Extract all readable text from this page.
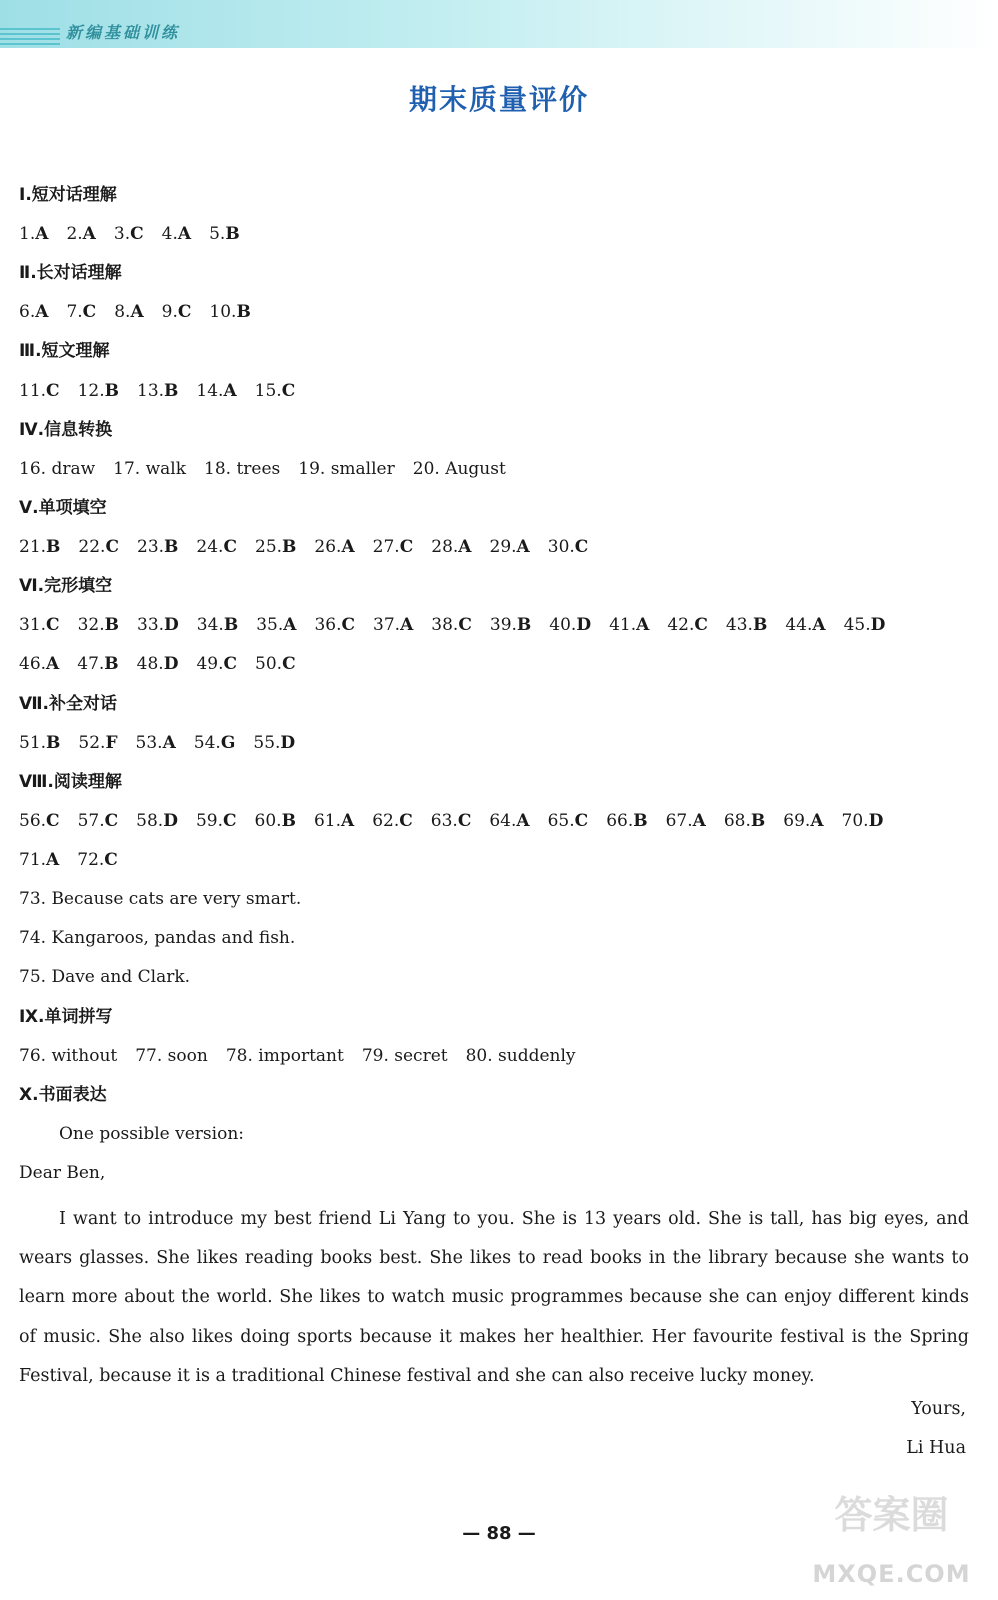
新编基础训练
期末质量评价
Ⅰ.短对话理解
1.A 2.A 3.C 4.A 5.B
Ⅱ.长对话理解
6.A 7.C 8.A 9.C 10.B
Ⅲ.短文理解
11.C 12.B 13.B 14.A 15.C
Ⅳ.信息转换
16. draw 17. walk 18. trees 19. smaller 20. August
Ⅴ.单项填空
21.B 22.C 23.B 24.C 25.B 26.A 27.C 28.A 29.A 30.C
Ⅵ.完形填空
31.C 32.B 33.D 34.B 35.A 36.C 37.A 38.C 39.B 40.D 41.A 42.C 43.B 44.A 45.D
46.A 47.B 48.D 49.C 50.C
Ⅶ.补全对话
51.B 52.F 53.A 54.G 55.D
Ⅷ.阅读理解
56.C 57.C 58.D 59.C 60.B 61.A 62.C 63.C 64.A 65.C 66.B 67.A 68.B 69.A 70.D
71.A 72.C
73. Because cats are very smart.
74. Kangaroos, pandas and fish.
75. Dave and Clark.
Ⅸ.单词拼写
76. without 77. soon 78. important 79. secret 80. suddenly
Ⅹ.书面表达
One possible version:
Dear Ben,

I want to introduce my best friend Li Yang to you. She is 13 years old. She is tall, has big eyes, and wears glasses. She likes reading books best. She likes to read books in the library because she wants to learn more about the world. She likes to watch music programmes because she can enjoy different kinds of music. She also likes doing sports because it makes her healthier. Her favourite festival is the Spring Festival, because it is a traditional Chinese festival and she can also receive lucky money.

Yours,
Li Hua
— 88 —	答案圈
MXQE.COM
